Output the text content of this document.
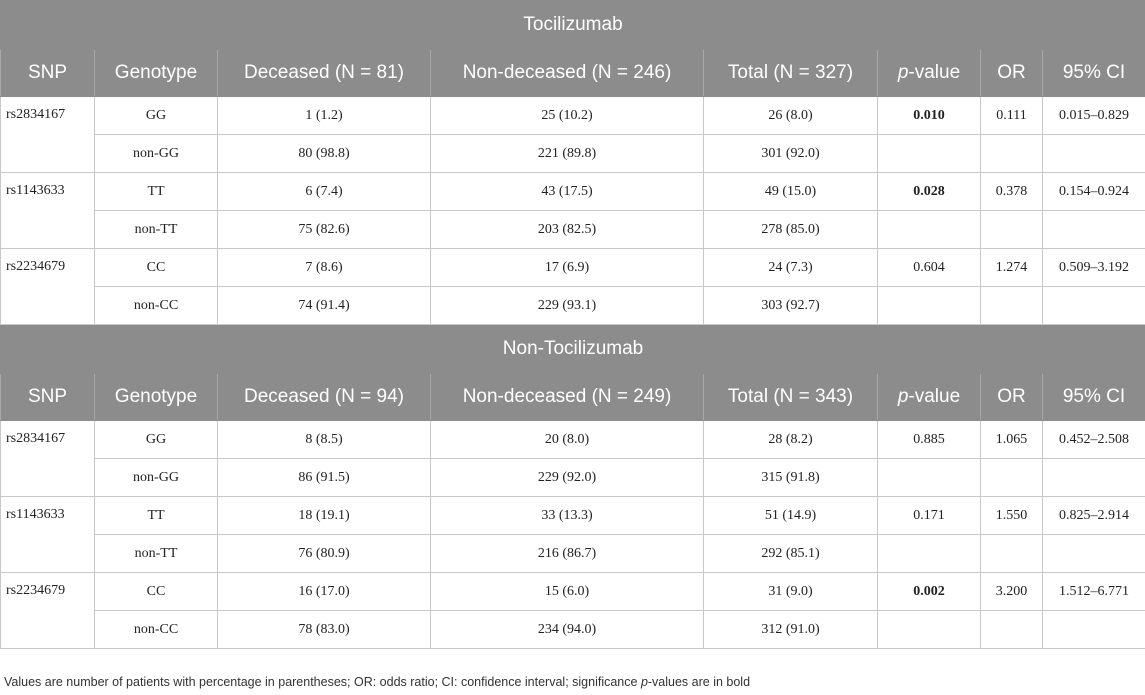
Tocilizumab							
SNP	Genotype	Deceased (N = 81)	Non-deceased (N = 246)	Total (N = 327)	p-value	OR	95% CI
rs2834167	GG	1 (1.2)	25 (10.2)	26 (8.0)	0.010	0.111	0.015–0.829
	non-GG	80 (98.8)	221 (89.8)	301 (92.0)			
rs1143633	TT	6 (7.4)	43 (17.5)	49 (15.0)	0.028	0.378	0.154–0.924
	non-TT	75 (82.6)	203 (82.5)	278 (85.0)			
rs2234679	CC	7 (8.6)	17 (6.9)	24 (7.3)	0.604	1.274	0.509–3.192
	non-CC	74 (91.4)	229 (93.1)	303 (92.7)			
Non-Tocilizumab							
SNP	Genotype	Deceased (N = 94)	Non-deceased (N = 249)	Total (N = 343)	p-value	OR	95% CI
rs2834167	GG	8 (8.5)	20 (8.0)	28 (8.2)	0.885	1.065	0.452–2.508
	non-GG	86 (91.5)	229 (92.0)	315 (91.8)			
rs1143633	TT	18 (19.1)	33 (13.3)	51 (14.9)	0.171	1.550	0.825–2.914
	non-TT	76 (80.9)	216 (86.7)	292 (85.1)			
rs2234679	CC	16 (17.0)	15 (6.0)	31 (9.0)	0.002	3.200	1.512–6.771
	non-CC	78 (83.0)	234 (94.0)	312 (91.0)			
Values are number of patients with percentage in parentheses; OR: odds ratio; CI: confidence interval; significance p-values are in bold
